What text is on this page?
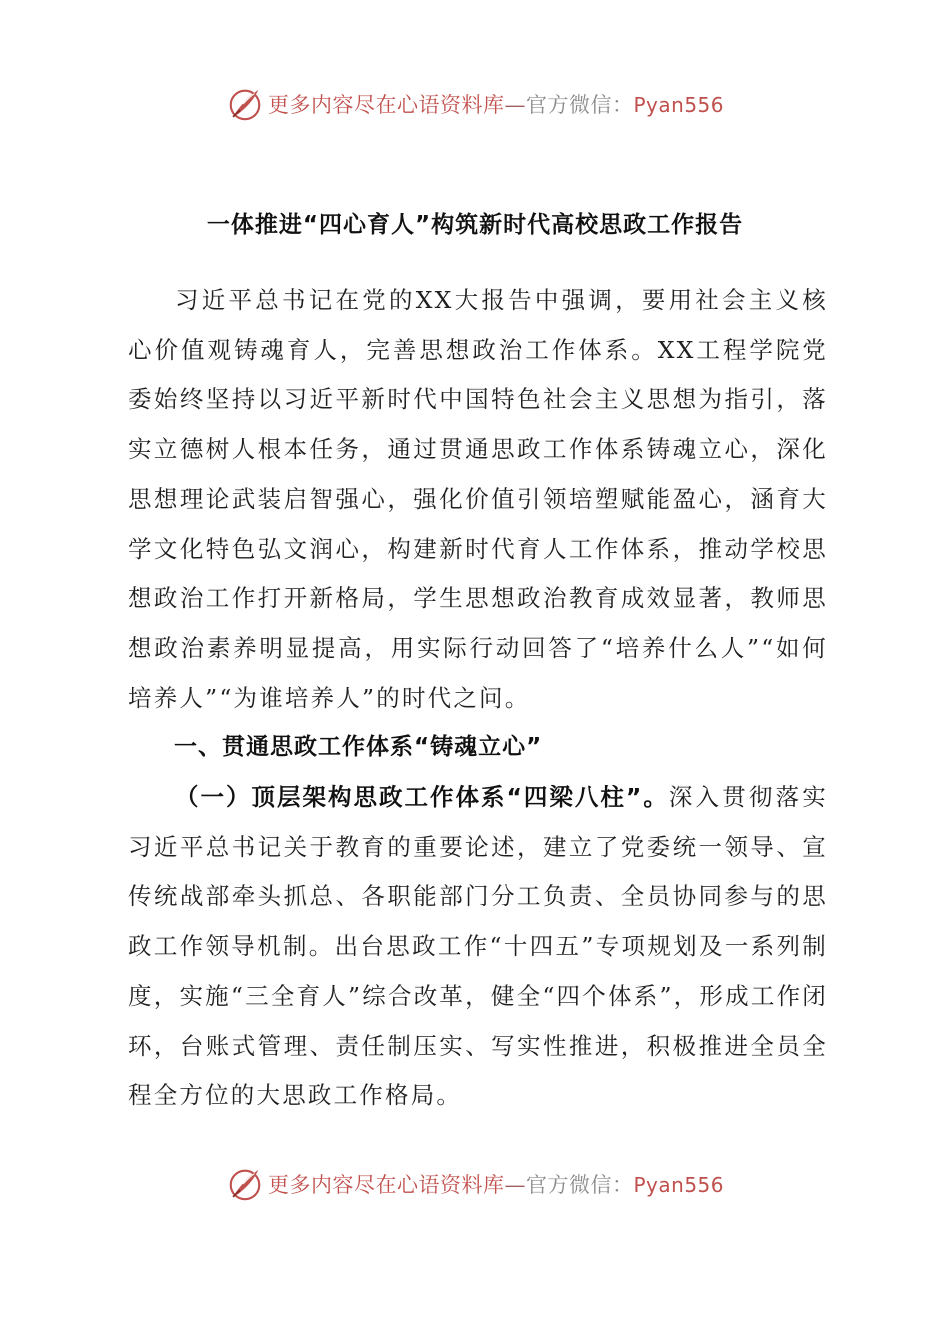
更多内容尽在心语资料库—官方微信：Pyan556
一体推进“四心育人”构筑新时代高校思政工作报告

习近平总书记在党的XX大报告中强调，要用社会主义核心价值观铸魂育人，完善思想政治工作体系。XX工程学院党委始终坚持以习近平新时代中国特色社会主义思想为指引，落实立德树人根本任务，通过贯通思政工作体系铸魂立心，深化思想理论武装启智强心，强化价值引领培塑赋能盈心，涵育大学文化特色弘文润心，构建新时代育人工作体系，推动学校思想政治工作打开新格局，学生思想政治教育成效显著，教师思想政治素养明显提高，用实际行动回答了“培养什么人”“如何培养人”“为谁培养人”的时代之问。

一、贯通思政工作体系“铸魂立心”

（一）顶层架构思政工作体系“四梁八柱”。深入贯彻落实习近平总书记关于教育的重要论述，建立了党委统一领导、宣传统战部牵头抓总、各职能部门分工负责、全员协同参与的思政工作领导机制。出台思政工作“十四五”专项规划及一系列制度，实施“三全育人”综合改革，健全“四个体系”，形成工作闭环，台账式管理、责任制压实、写实性推进，积极推进全员全程全方位的大思政工作格局。

更多内容尽在心语资料库—官方微信：Pyan556
